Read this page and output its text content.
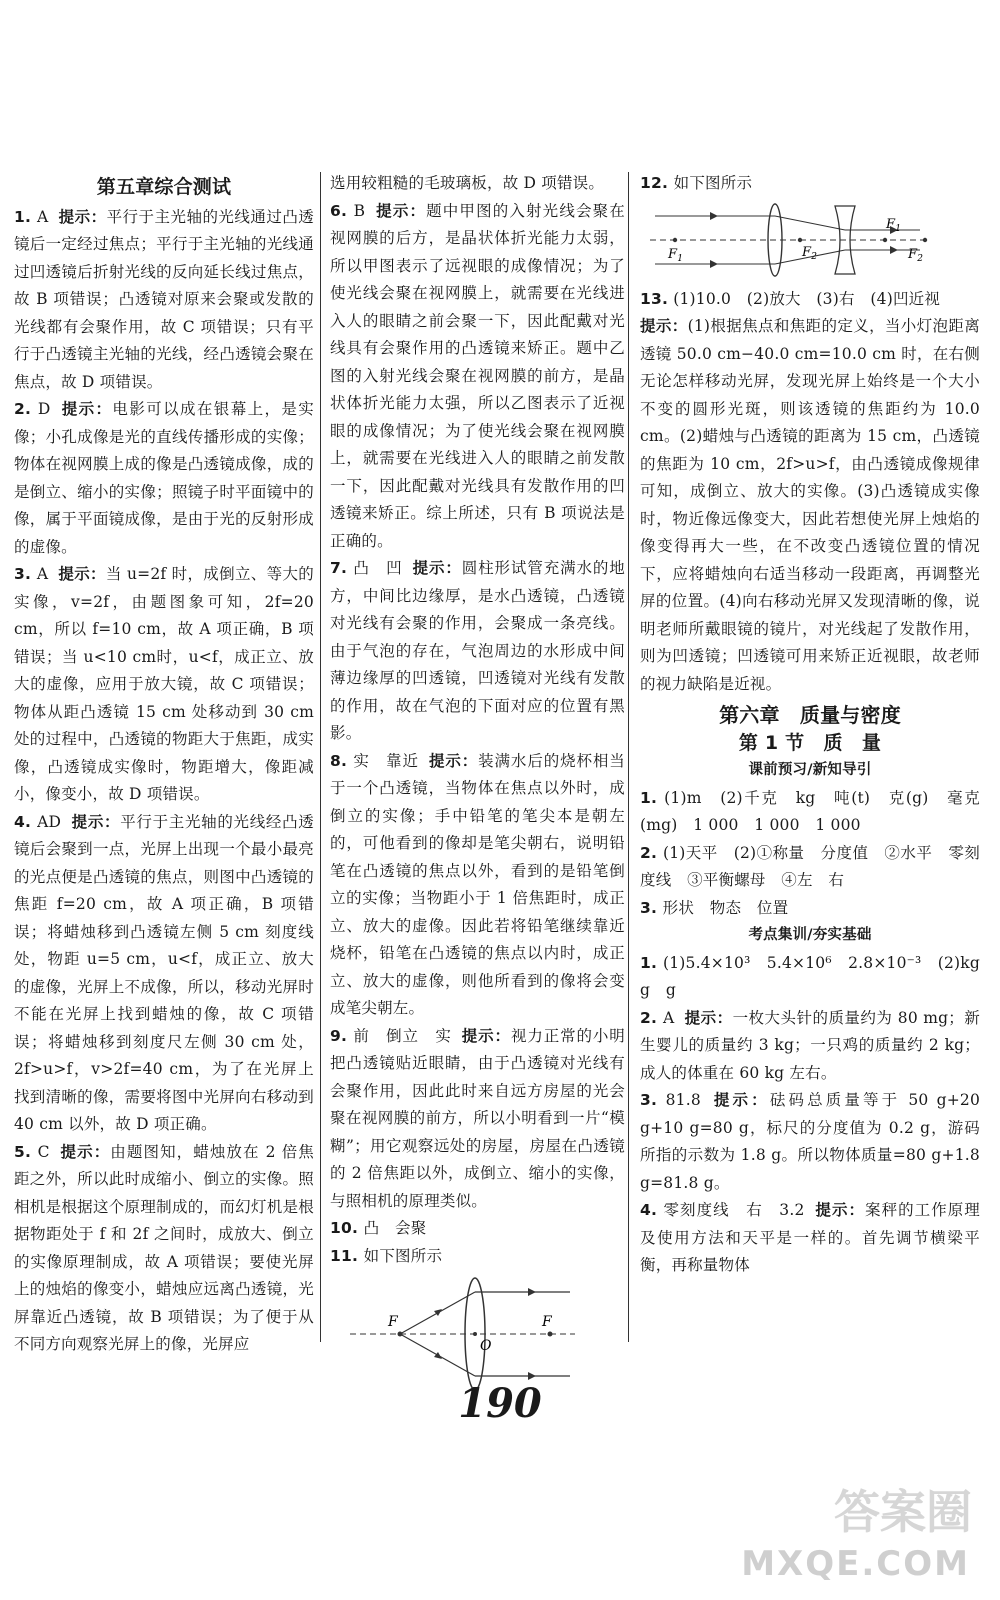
第五章综合测试
1. A 提示：平行于主光轴的光线通过凸透镜后一定经过焦点；平行于主光轴的光线通过凹透镜后折射光线的反向延长线过焦点，故 B 项错误；凸透镜对原来会聚或发散的光线都有会聚作用，故 C 项错误；只有平行于凸透镜主光轴的光线，经凸透镜会聚在焦点，故 D 项错误。
2. D 提示：电影可以成在银幕上，是实像；小孔成像是光的直线传播形成的实像；物体在视网膜上成的像是凸透镜成像，成的是倒立、缩小的实像；照镜子时平面镜中的像，属于平面镜成像，是由于光的反射形成的虚像。
3. A 提示：当 u=2f 时，成倒立、等大的实像，v=2f，由题图象可知，2f=20 cm，所以 f=10 cm，故 A 项正确，B 项错误；当 u<10 cm时，u<f，成正立、放大的虚像，应用于放大镜，故 C 项错误；物体从距凸透镜 15 cm 处移动到 30 cm 处的过程中，凸透镜的物距大于焦距，成实像，凸透镜成实像时，物距增大，像距减小，像变小，故 D 项错误。
4. AD 提示：平行于主光轴的光线经凸透镜后会聚到一点，光屏上出现一个最小最亮的光点便是凸透镜的焦点，则图中凸透镜的焦距 f=20 cm，故 A 项正确，B 项错误；将蜡烛移到凸透镜左侧 5 cm 刻度线处，物距 u=5 cm，u<f，成正立、放大的虚像，光屏上不成像，所以，移动光屏时不能在光屏上找到蜡烛的像，故 C 项错误；将蜡烛移到刻度尺左侧 30 cm 处，2f>u>f，v>2f=40 cm，为了在光屏上找到清晰的像，需要将图中光屏向右移动到 40 cm 以外，故 D 项正确。
5. C 提示：由题图知，蜡烛放在 2 倍焦距之外，所以此时成缩小、倒立的实像。照相机是根据这个原理制成的，而幻灯机是根据物距处于 f 和 2f 之间时，成放大、倒立的实像原理制成，故 A 项错误；要使光屏上的烛焰的像变小，蜡烛应远离凸透镜，光屏靠近凸透镜，故 B 项错误；为了便于从不同方向观察光屏上的像，光屏应
选用较粗糙的毛玻璃板，故 D 项错误。
6. B 提示：题中甲图的入射光线会聚在视网膜的后方，是晶状体折光能力太弱，所以甲图表示了远视眼的成像情况；为了使光线会聚在视网膜上，就需要在光线进入人的眼睛之前会聚一下，因此配戴对光线具有会聚作用的凸透镜来矫正。题中乙图的入射光线会聚在视网膜的前方，是晶状体折光能力太强，所以乙图表示了近视眼的成像情况；为了使光线会聚在视网膜上，就需要在光线进入人的眼睛之前发散一下，因此配戴对光线具有发散作用的凹透镜来矫正。综上所述，只有 B 项说法是正确的。
7. 凸　凹 提示：圆柱形试管充满水的地方，中间比边缘厚，是水凸透镜，凸透镜对光线有会聚的作用，会聚成一条亮线。由于气泡的存在，气泡周边的水形成中间薄边缘厚的凹透镜，凹透镜对光线有发散的作用，故在气泡的下面对应的位置有黑影。
8. 实　靠近 提示：装满水后的烧杯相当于一个凸透镜，当物体在焦点以外时，成倒立的实像；手中铅笔的笔尖本是朝左的，可他看到的像却是笔尖朝右，说明铅笔在凸透镜的焦点以外，看到的是铅笔倒立的实像；当物距小于 1 倍焦距时，成正立、放大的虚像。因此若将铅笔继续靠近烧杯，铅笔在凸透镜的焦点以内时，成正立、放大的虚像，则他所看到的像将会变成笔尖朝左。
9. 前　倒立　实 提示：视力正常的小明把凸透镜贴近眼睛，由于凸透镜对光线有会聚作用，因此此时来自远方房屋的光会聚在视网膜的前方，所以小明看到一片“模糊”；用它观察远处的房屋，房屋在凸透镜的 2 倍焦距以外，成倒立、缩小的实像，与照相机的原理类似。
10. 凸　会聚
11. 如下图所示
F
O
F
12. 如下图所示
$F_1$	$F_2$
$F_1$
$F_2$
13. (1)10.0　(2)放大　(3)右　(4)凹近视
提示：(1)根据焦点和焦距的定义，当小灯泡距离透镜 50.0 cm−40.0 cm=10.0 cm 时，在右侧无论怎样移动光屏，发现光屏上始终是一个大小不变的圆形光斑，则该透镜的焦距约为 10.0 cm。(2)蜡烛与凸透镜的距离为 15 cm，凸透镜的焦距为 10 cm，2f>u>f，由凸透镜成像规律可知，成倒立、放大的实像。(3)凸透镜成实像时，物近像远像变大，因此若想使光屏上烛焰的像变得再大一些，在不改变凸透镜位置的情况下，应将蜡烛向右适当移动一段距离，再调整光屏的位置。(4)向右移动光屏又发现清晰的像，说明老师所戴眼镜的镜片，对光线起了发散作用，则为凹透镜；凹透镜可用来矫正近视眼，故老师的视力缺陷是近视。
第六章　质量与密度
第 1 节　质　量
课前预习/新知导引
1. (1)m　(2)千克　kg　吨(t)　克(g)　毫克(mg)　1 000　1 000　1 000
2. (1)天平　(2)①称量　分度值　②水平　零刻度线　③平衡螺母　④左　右
3. 形状　物态　位置
考点集训/夯实基础
1. (1)5.4×10³　5.4×10⁶　2.8×10⁻³　(2)kg　g　g
2. A 提示：一枚大头针的质量约为 80 mg；新生婴儿的质量约 3 kg；一只鸡的质量约 2 kg；成人的体重在 60 kg 左右。
3. 81.8 提示：砝码总质量等于 50 g+20 g+10 g=80 g，标尺的分度值为 0.2 g，游码所指的示数为 1.8 g。所以物体质量=80 g+1.8 g=81.8 g。
4. 零刻度线　右　3.2 提示：案秤的工作原理及使用方法和天平是一样的。首先调节横梁平衡，再称量物体
190
答案圈
MXQE.COM
